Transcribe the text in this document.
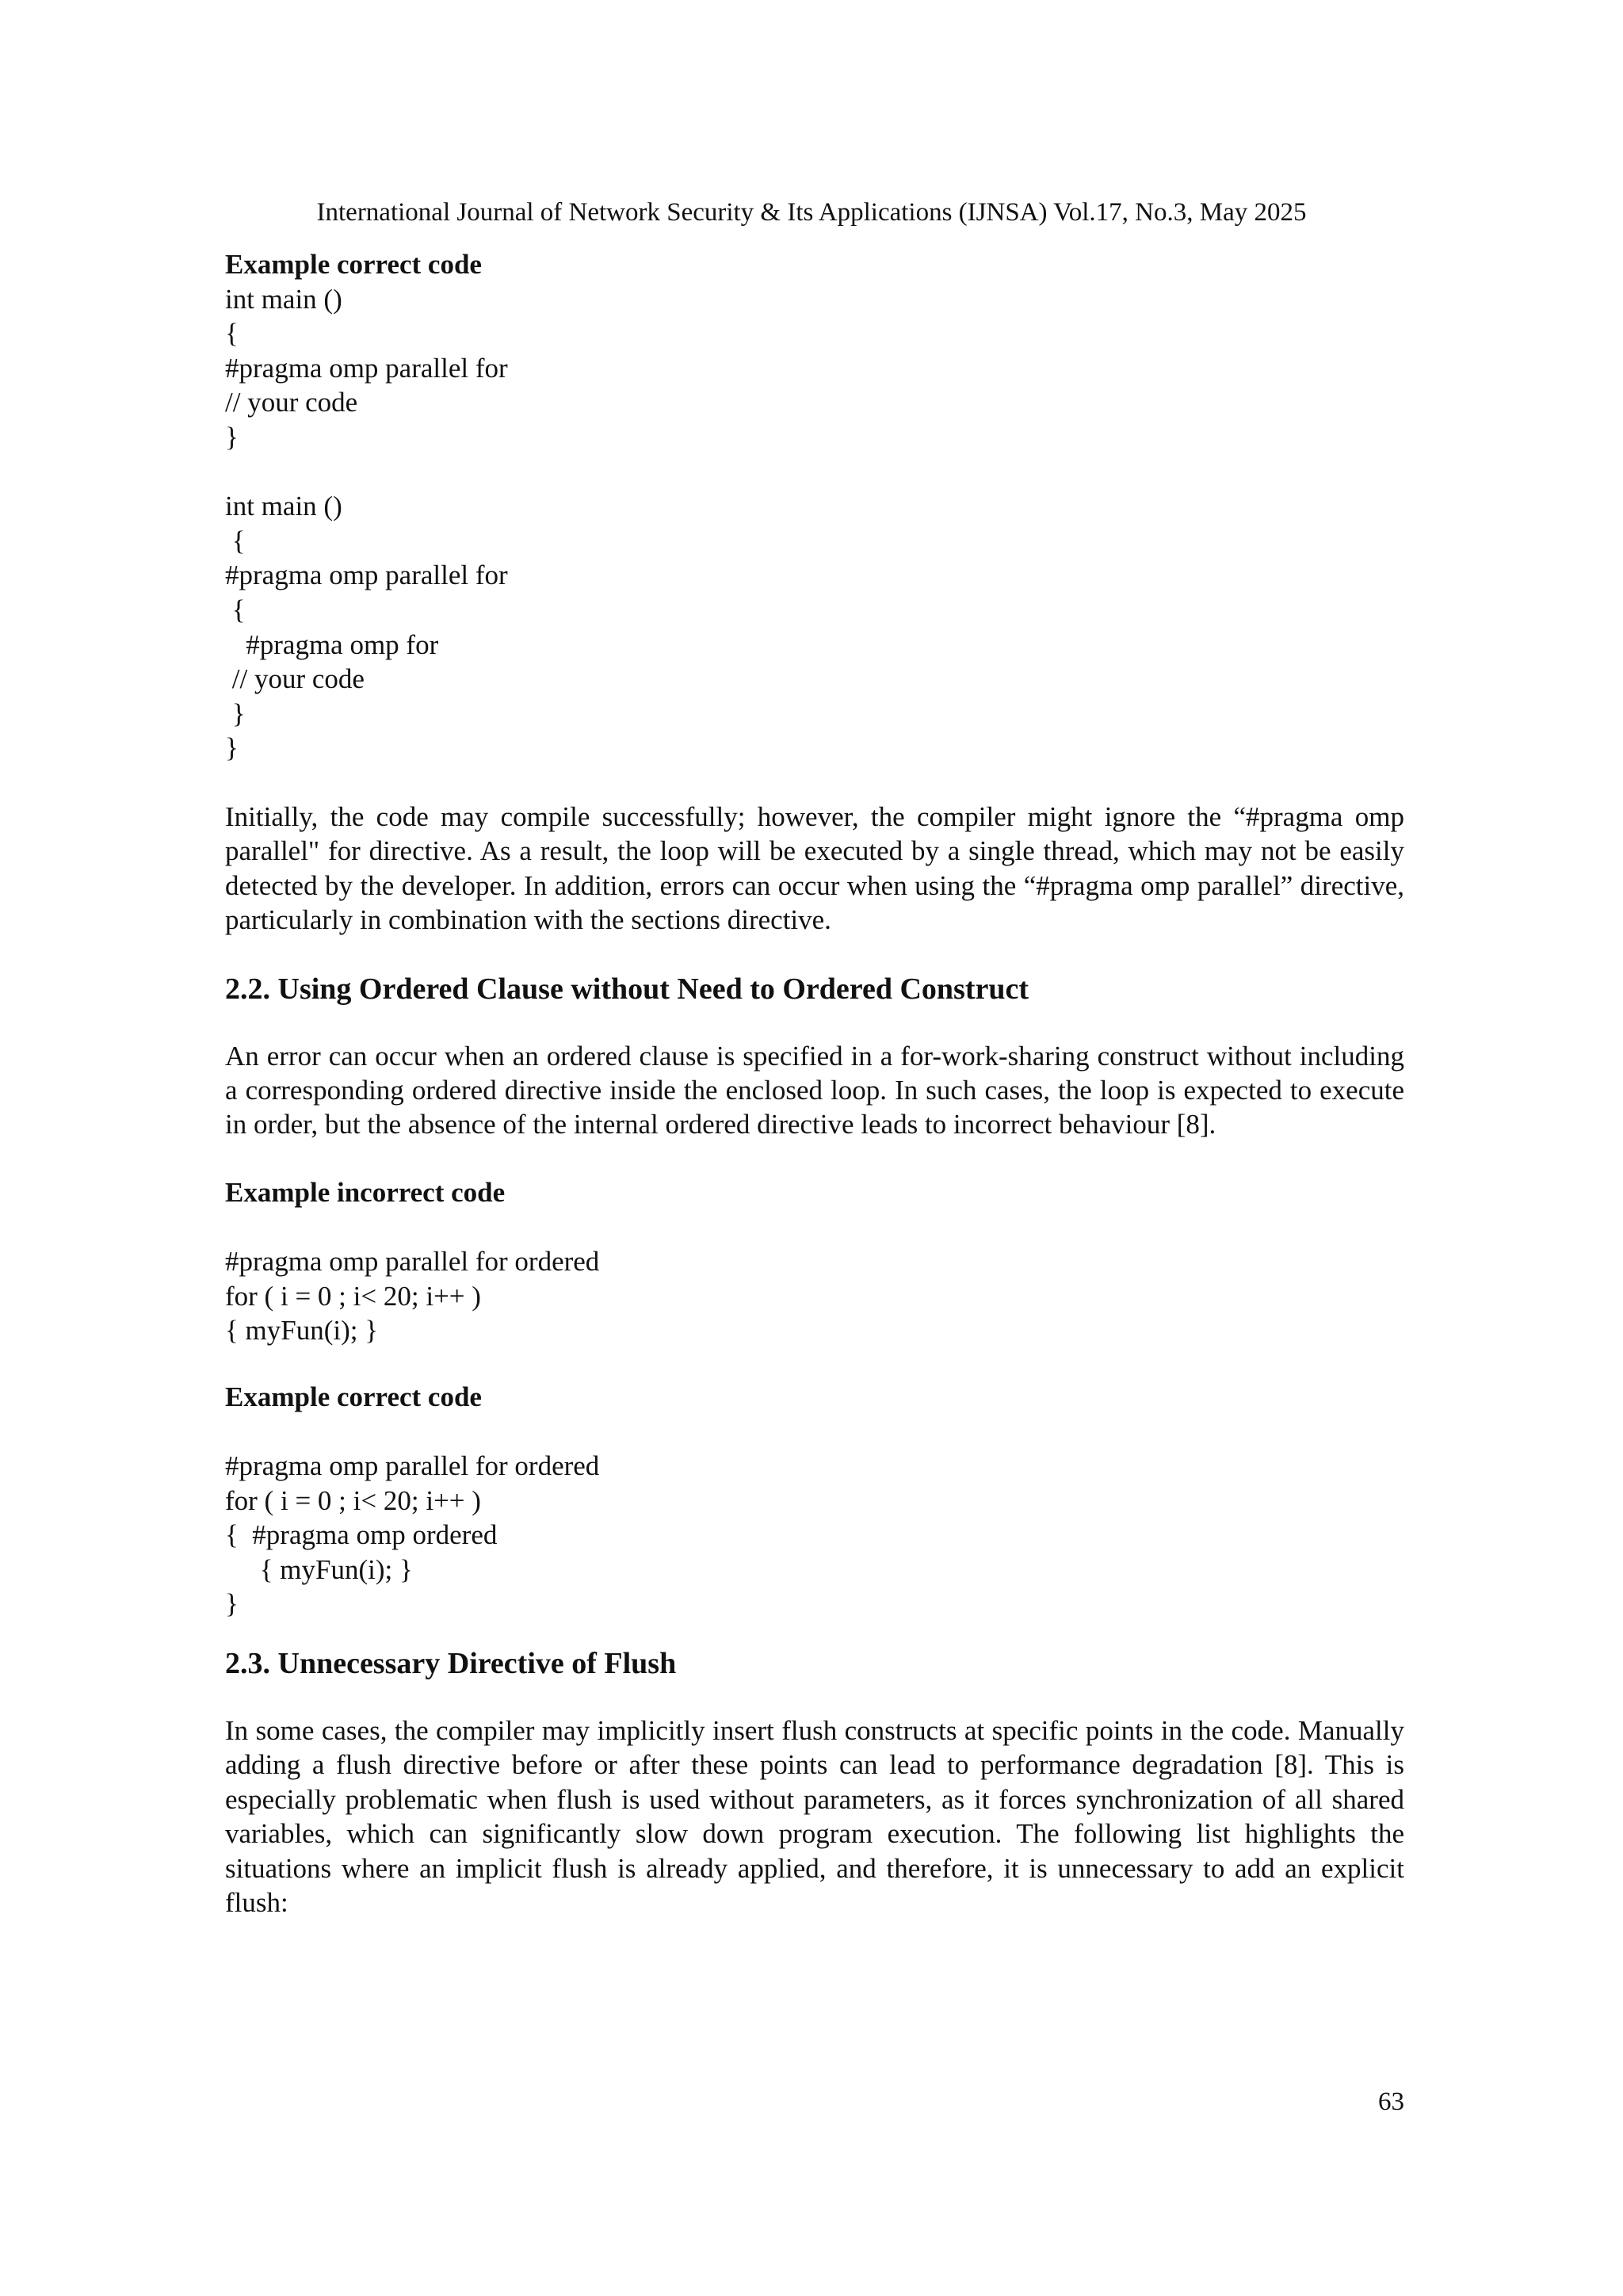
International Journal of Network Security & Its Applications (IJNSA) Vol.17, No.3, May 2025
Example correct code
int main ()
{
#pragma omp parallel for
// your code
}
int main ()
{
#pragma omp parallel for
{
#pragma omp for
// your code
}
}

Initially, the code may compile successfully; however, the compiler might ignore the “#pragma omp parallel" for directive. As a result, the loop will be executed by a single thread, which may not be easily detected by the developer. In addition, errors can occur when using the “#pragma omp parallel” directive, particularly in combination with the sections directive.

2.2. Using Ordered Clause without Need to Ordered Construct

An error can occur when an ordered clause is specified in a for-work-sharing construct without including a corresponding ordered directive inside the enclosed loop. In such cases, the loop is expected to execute in order, but the absence of the internal ordered directive leads to incorrect behaviour [8].

Example incorrect code
#pragma omp parallel for ordered
for ( i = 0 ; i< 20; i++ )
{ myFun(i); }
Example correct code
#pragma omp parallel for ordered
for ( i = 0 ; i< 20; i++ )
{  #pragma omp ordered
{ myFun(i); }
}
2.3. Unnecessary Directive of Flush

In some cases, the compiler may implicitly insert flush constructs at specific points in the code. Manually adding a flush directive before or after these points can lead to performance degradation [8]. This is especially problematic when flush is used without parameters, as it forces synchronization of all shared variables, which can significantly slow down program execution. The following list highlights the situations where an implicit flush is already applied, and therefore, it is unnecessary to add an explicit flush:

63
